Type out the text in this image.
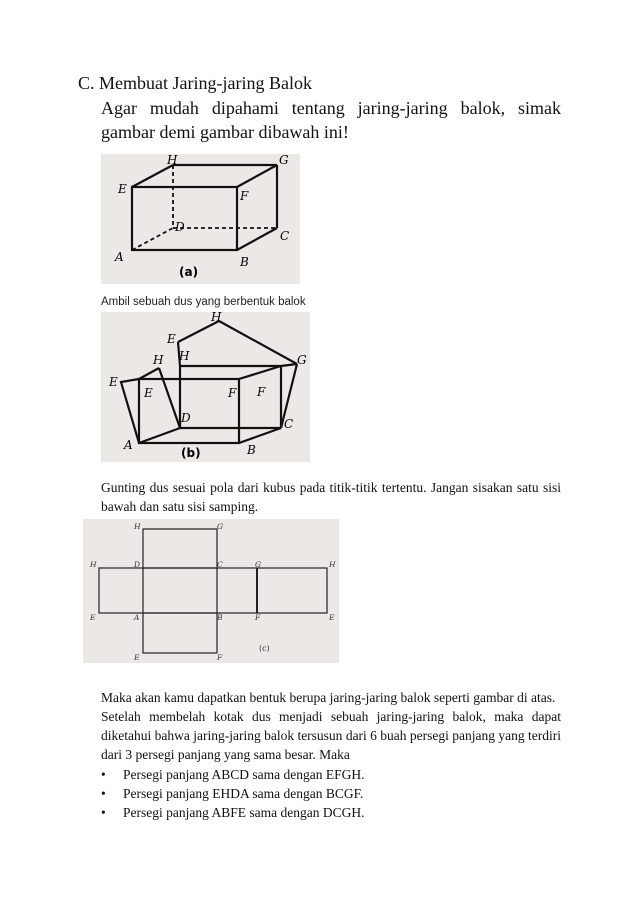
C. Membuat Jaring-jaring Balok
Agar mudah dipahami tentang jaring-jaring balok, simak gambar demi gambar dibawah ini!
H	G
E	F
D
C
A	B
(a)
Ambil sebuah dus yang berbentuk balok
H
E
H H	G
E
E	F F
D	C
A	B
(b)
Gunting dus sesuai pola dari kubus pada titik-titik tertentu. Jangan sisakan satu sisi bawah dan satu sisi samping.
H	G
H	D	C	G	H
E	A	B	F	E
E	F
(c)

Maka akan kamu dapatkan bentuk berupa jaring-jaring balok seperti gambar di atas.

Setelah membelah kotak dus menjadi sebuah jaring-jaring balok, maka dapat diketahui bahwa jaring-jaring balok tersusun dari 6 buah persegi panjang yang terdiri dari 3 persegi panjang yang sama besar. Maka

• Persegi panjang ABCD sama dengan EFGH.
• Persegi panjang EHDA sama dengan BCGF.
• Persegi panjang ABFE sama dengan DCGH.
